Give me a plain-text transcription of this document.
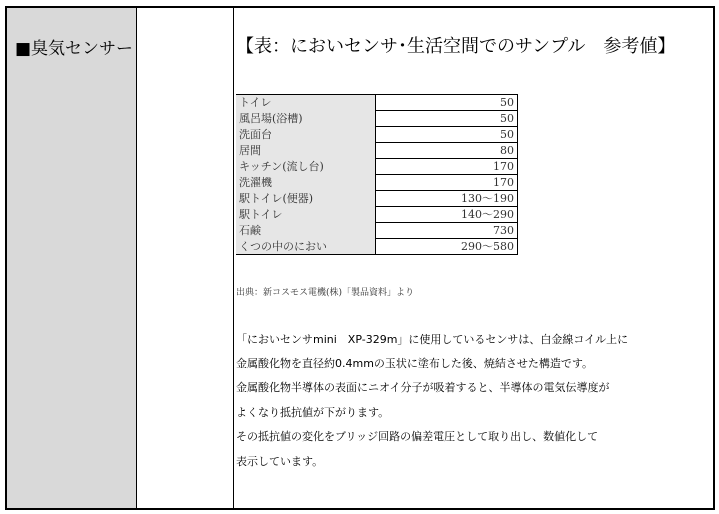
■臭気センサー	【表：においセンサ･生活空間でのサンプル　参考値】
トイレ	50
風呂場(浴槽)	50
洗面台	50
居間	80
キッチン(流し台)	170
洗濯機	170
駅トイレ(便器)	130～190
駅トイレ	140～290
石鹸	730
くつの中のにおい	290～580
出典：新コスモス電機(株)「製品資料」より
「においセンサmini　XP-329m」に使用しているセンサは、白金線コイル上に
金属酸化物を直径約0.4mmの玉状に塗布した後、焼結させた構造です。
金属酸化物半導体の表面にニオイ分子が吸着すると、半導体の電気伝導度が
よくなり抵抗値が下がります。
その抵抗値の変化をブリッジ回路の偏差電圧として取り出し、数値化して
表示しています。
